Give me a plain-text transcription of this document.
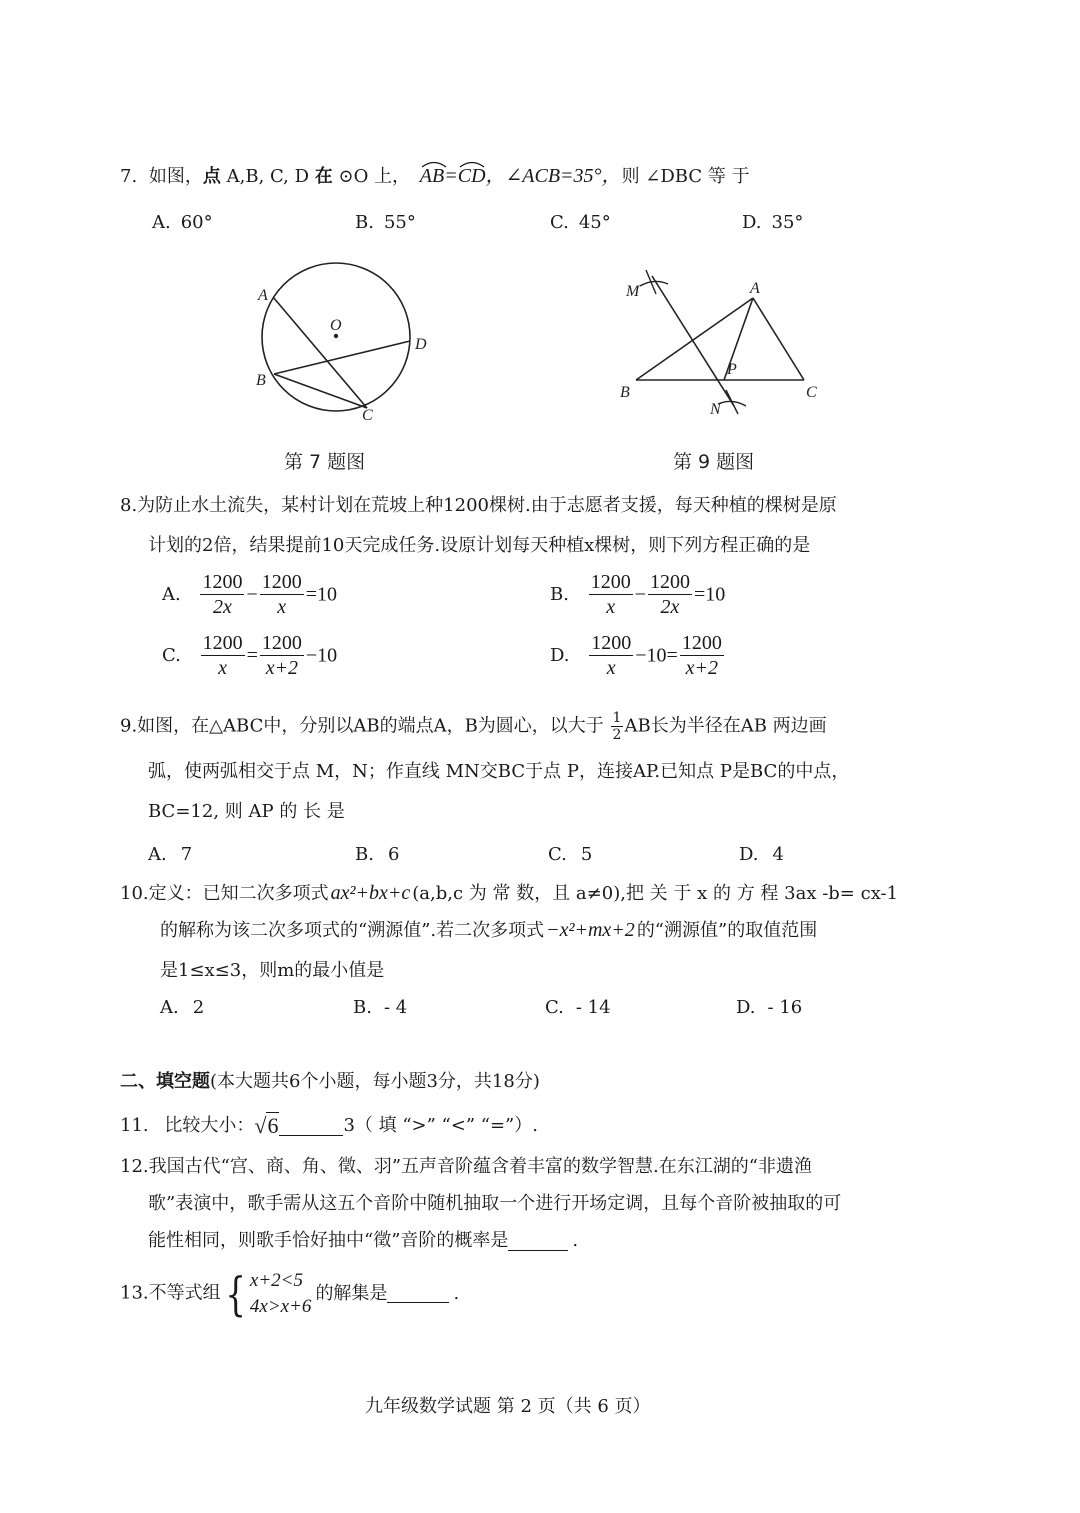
7. 如图，点 A,B, C, D 在 ⊙O 上， AB
=CD
，∠ACB=35°，则 ∠DBC 等 于
A. 60°	B. 55°	C. 45°	D. 35°
A
O
D
B
C
第 7 题图
M	A
P
B	C
N
第 9 题图
8.为防止水土流失，某村计划在荒坡上种1200棵树.由于志愿者支援，每天种植的棵树是原
计划的2倍，结果提前10天完成任务.设原计划每天种植x棵树，则下列方程正确的是
A. $\frac{1200}{2x} - \frac{1200}{x} =10$	B. $\frac{1200}{x} - \frac{1200}{2x} =10$
C. $\frac{1200}{x} = \frac{1200}{x+2} -10$	D. $\frac{1200}{x} -10= \frac{1200}{x+2}$
9.如图，在△ABC中，分别以AB的端点A，B为圆心，以大于 $\frac{1}{2}$ AB长为半径在AB 两边画
弧，使两弧相交于点 M，N；作直线 MN交BC于点 P，连接AP.已知点 P是BC的中点，
BC=12, 则 AP 的 长 是
A. 7	B. 6	C. 5	D. 4
10.定义：已知二次多项式 ax²+bx+c (a,b,c 为 常 数，且 a≠0),把 关 于 x 的 方 程 3ax -b= cx-1
的解称为该二次多项式的“溯源值”.若二次多项式 −x²+mx+2 的“溯源值”的取值范围
是1≤x≤3，则m的最小值是
A. 2	B. - 4	C. - 14	D. - 16
二、填空题(本大题共6个小题，每小题3分，共18分)
11. 比较大小：√6	3（ 填 “>” “<” “=”）.
12.我国古代“宫、商、角、徵、羽”五声音阶蕴含着丰富的数学智慧.在东江湖的“非遗渔
歌”表演中，歌手需从这五个音阶中随机抽取一个进行开场定调，且每个音阶被抽取的可
能性相同，则歌手恰好抽中“徵”音阶的概率是	.
13.不等式组{ x+2<5
4x>x+6
的解集是	.
九年级数学试题 第 2 页（共 6 页）
